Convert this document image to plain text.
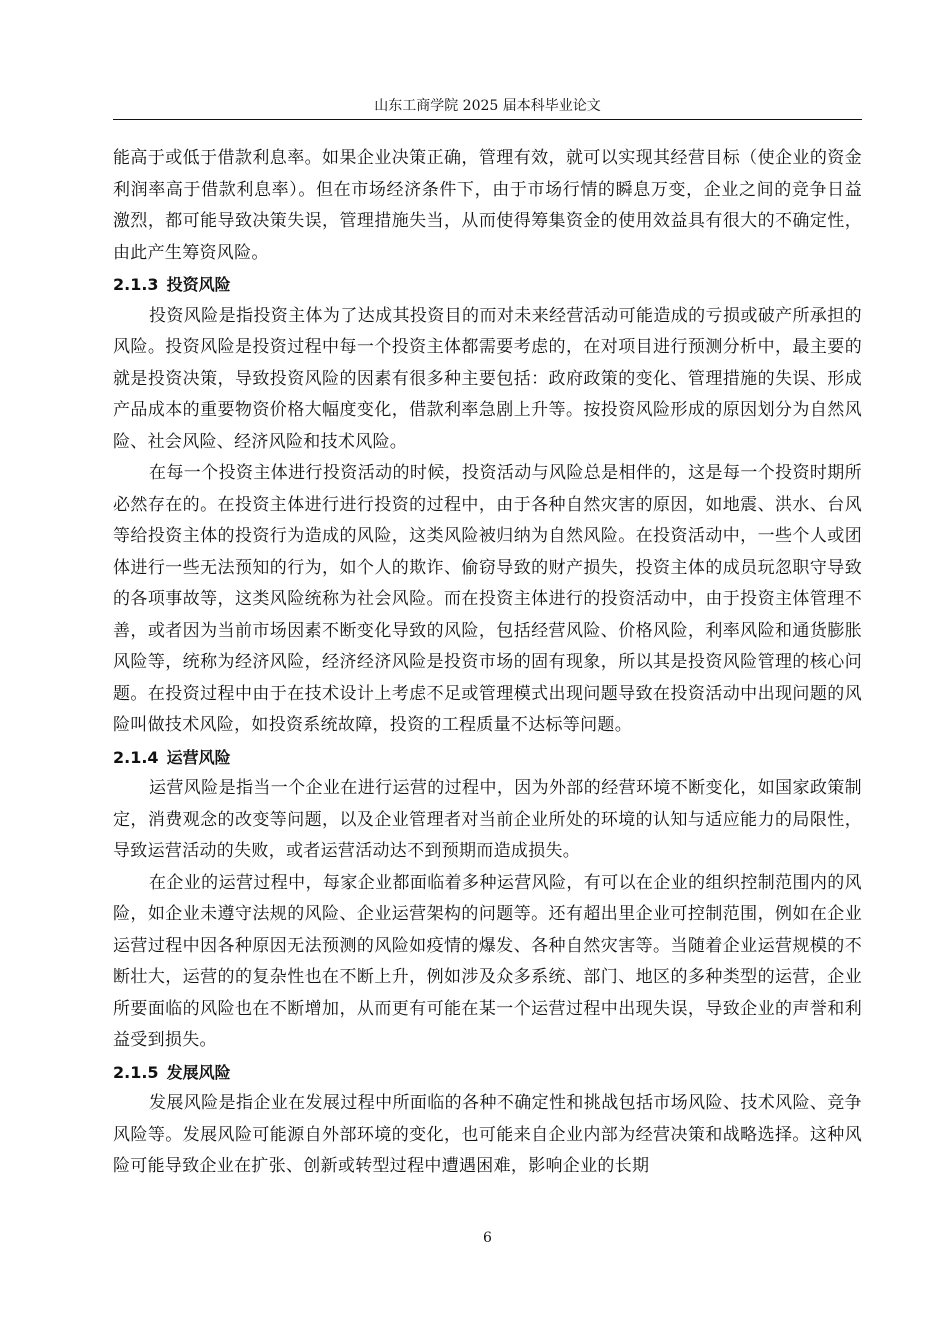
山东工商学院 2025 届本科毕业论文

能高于或低于借款利息率。如果企业决策正确，管理有效，就可以实现其经营目标（使企业的资金利润率高于借款利息率）。但在市场经济条件下，由于市场行情的瞬息万变，企业之间的竞争日益激烈，都可能导致决策失误，管理措施失当，从而使得筹集资金的使用效益具有很大的不确定性，由此产生筹资风险。

2.1.3 投资风险

投资风险是指投资主体为了达成其投资目的而对未来经营活动可能造成的亏损或破产所承担的风险。投资风险是投资过程中每一个投资主体都需要考虑的，在对项目进行预测分析中，最主要的就是投资决策，导致投资风险的因素有很多种主要包括：政府政策的变化、管理措施的失误、形成产品成本的重要物资价格大幅度变化，借款利率急剧上升等。按投资风险形成的原因划分为自然风险、社会风险、经济风险和技术风险。

在每一个投资主体进行投资活动的时候，投资活动与风险总是相伴的，这是每一个投资时期所必然存在的。在投资主体进行进行投资的过程中，由于各种自然灾害的原因，如地震、洪水、台风等给投资主体的投资行为造成的风险，这类风险被归纳为自然风险。在投资活动中，一些个人或团体进行一些无法预知的行为，如个人的欺诈、偷窃导致的财产损失，投资主体的成员玩忽职守导致的各项事故等，这类风险统称为社会风险。而在投资主体进行的投资活动中，由于投资主体管理不善，或者因为当前市场因素不断变化导致的风险，包括经营风险、价格风险，利率风险和通货膨胀风险等，统称为经济风险，经济经济风险是投资市场的固有现象，所以其是投资风险管理的核心问题。在投资过程中由于在技术设计上考虑不足或管理模式出现问题导致在投资活动中出现问题的风险叫做技术风险，如投资系统故障，投资的工程质量不达标等问题。

2.1.4 运营风险

运营风险是指当一个企业在进行运营的过程中，因为外部的经营环境不断变化，如国家政策制定，消费观念的改变等问题，以及企业管理者对当前企业所处的环境的认知与适应能力的局限性，导致运营活动的失败，或者运营活动达不到预期而造成损失。

在企业的运营过程中，每家企业都面临着多种运营风险，有可以在企业的组织控制范围内的风险，如企业未遵守法规的风险、企业运营架构的问题等。还有超出里企业可控制范围，例如在企业运营过程中因各种原因无法预测的风险如疫情的爆发、各种自然灾害等。当随着企业运营规模的不断壮大，运营的的复杂性也在不断上升，例如涉及众多系统、部门、地区的多种类型的运营，企业所要面临的风险也在不断增加，从而更有可能在某一个运营过程中出现失误，导致企业的声誉和利益受到损失。

2.1.5 发展风险

发展风险是指企业在发展过程中所面临的各种不确定性和挑战包括市场风险、技术风险、竞争风险等。发展风险可能源自外部环境的变化，也可能来自企业内部为经营决策和战略选择。这种风险可能导致企业在扩张、创新或转型过程中遭遇困难，影响企业的长期

6
